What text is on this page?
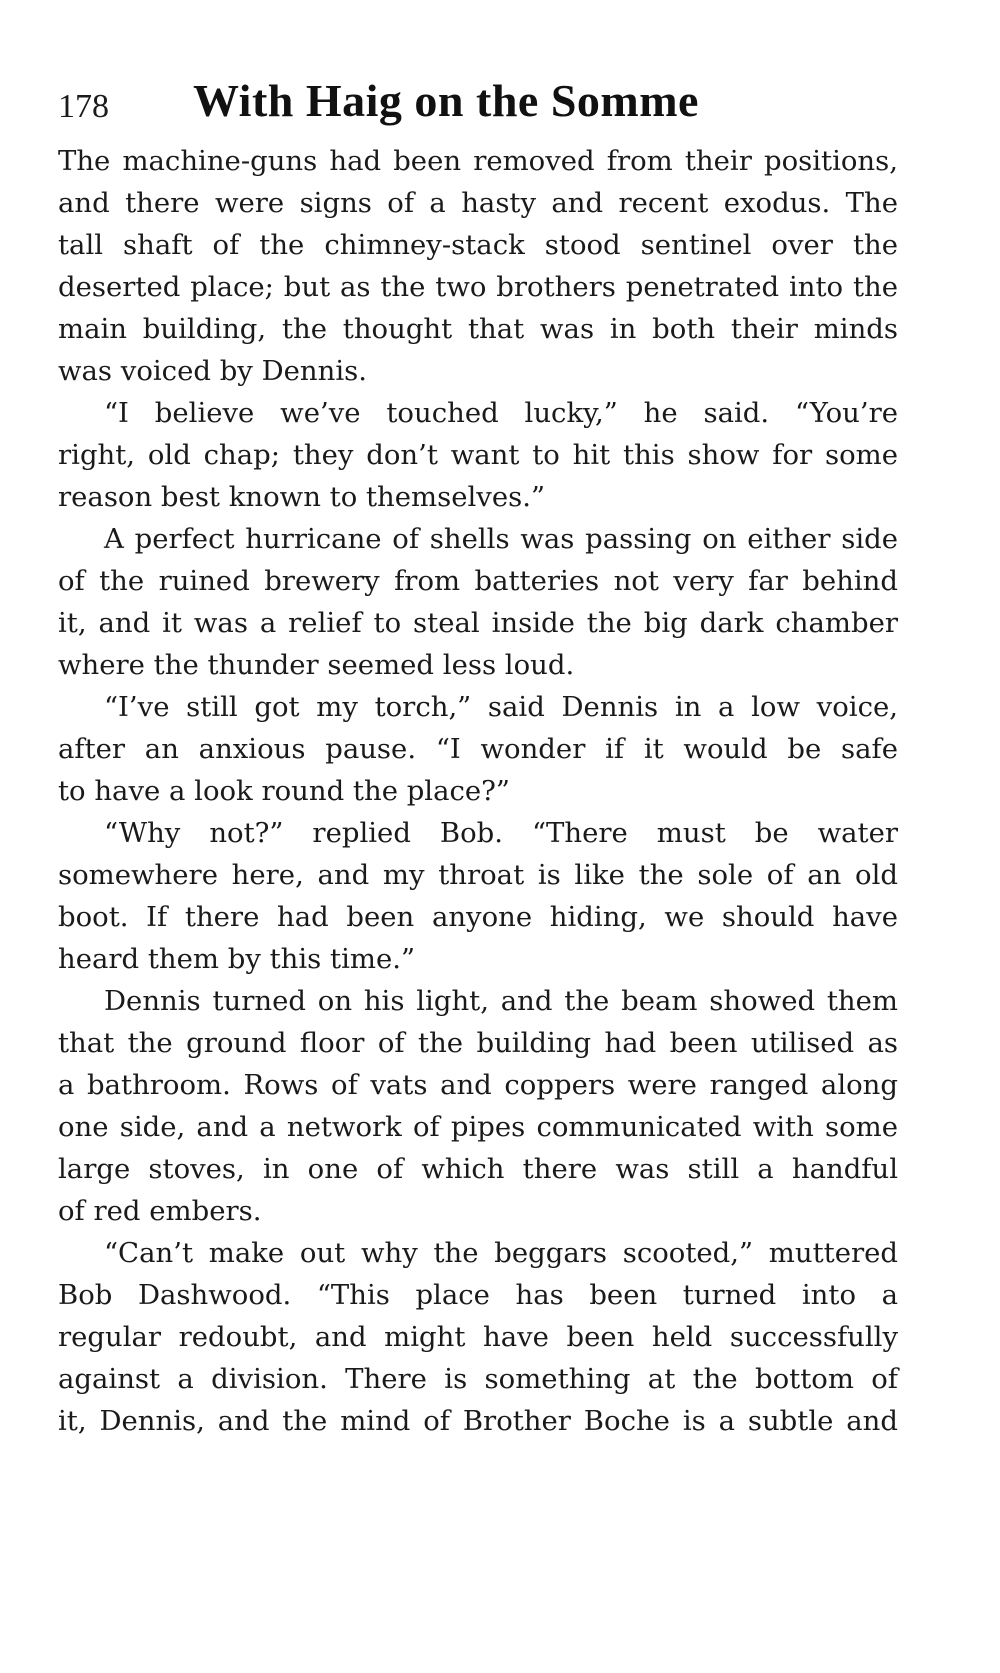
178 With Haig on the Somme
The machine-guns had been removed from their positions,
and there were signs of a hasty and recent exodus. The
tall shaft of the chimney-stack stood sentinel over the
deserted place; but as the two brothers penetrated into the
main building, the thought that was in both their minds
was voiced by Dennis.
“I believe we’ve touched lucky,” he said. “You’re
right, old chap; they don’t want to hit this show for some
reason best known to themselves.”
A perfect hurricane of shells was passing on either side
of the ruined brewery from batteries not very far behind
it, and it was a relief to steal inside the big dark chamber
where the thunder seemed less loud.
“I’ve still got my torch,” said Dennis in a low voice,
after an anxious pause. “I wonder if it would be safe
to have a look round the place?”
“Why not?” replied Bob. “There must be water
somewhere here, and my throat is like the sole of an old
boot. If there had been anyone hiding, we should have
heard them by this time.”
Dennis turned on his light, and the beam showed them
that the ground floor of the building had been utilised as
a bathroom. Rows of vats and coppers were ranged along
one side, and a network of pipes communicated with some
large stoves, in one of which there was still a handful
of red embers.
“Can’t make out why the beggars scooted,” muttered
Bob Dashwood. “This place has been turned into a
regular redoubt, and might have been held successfully
against a division. There is something at the bottom of
it, Dennis, and the mind of Brother Boche is a subtle and
